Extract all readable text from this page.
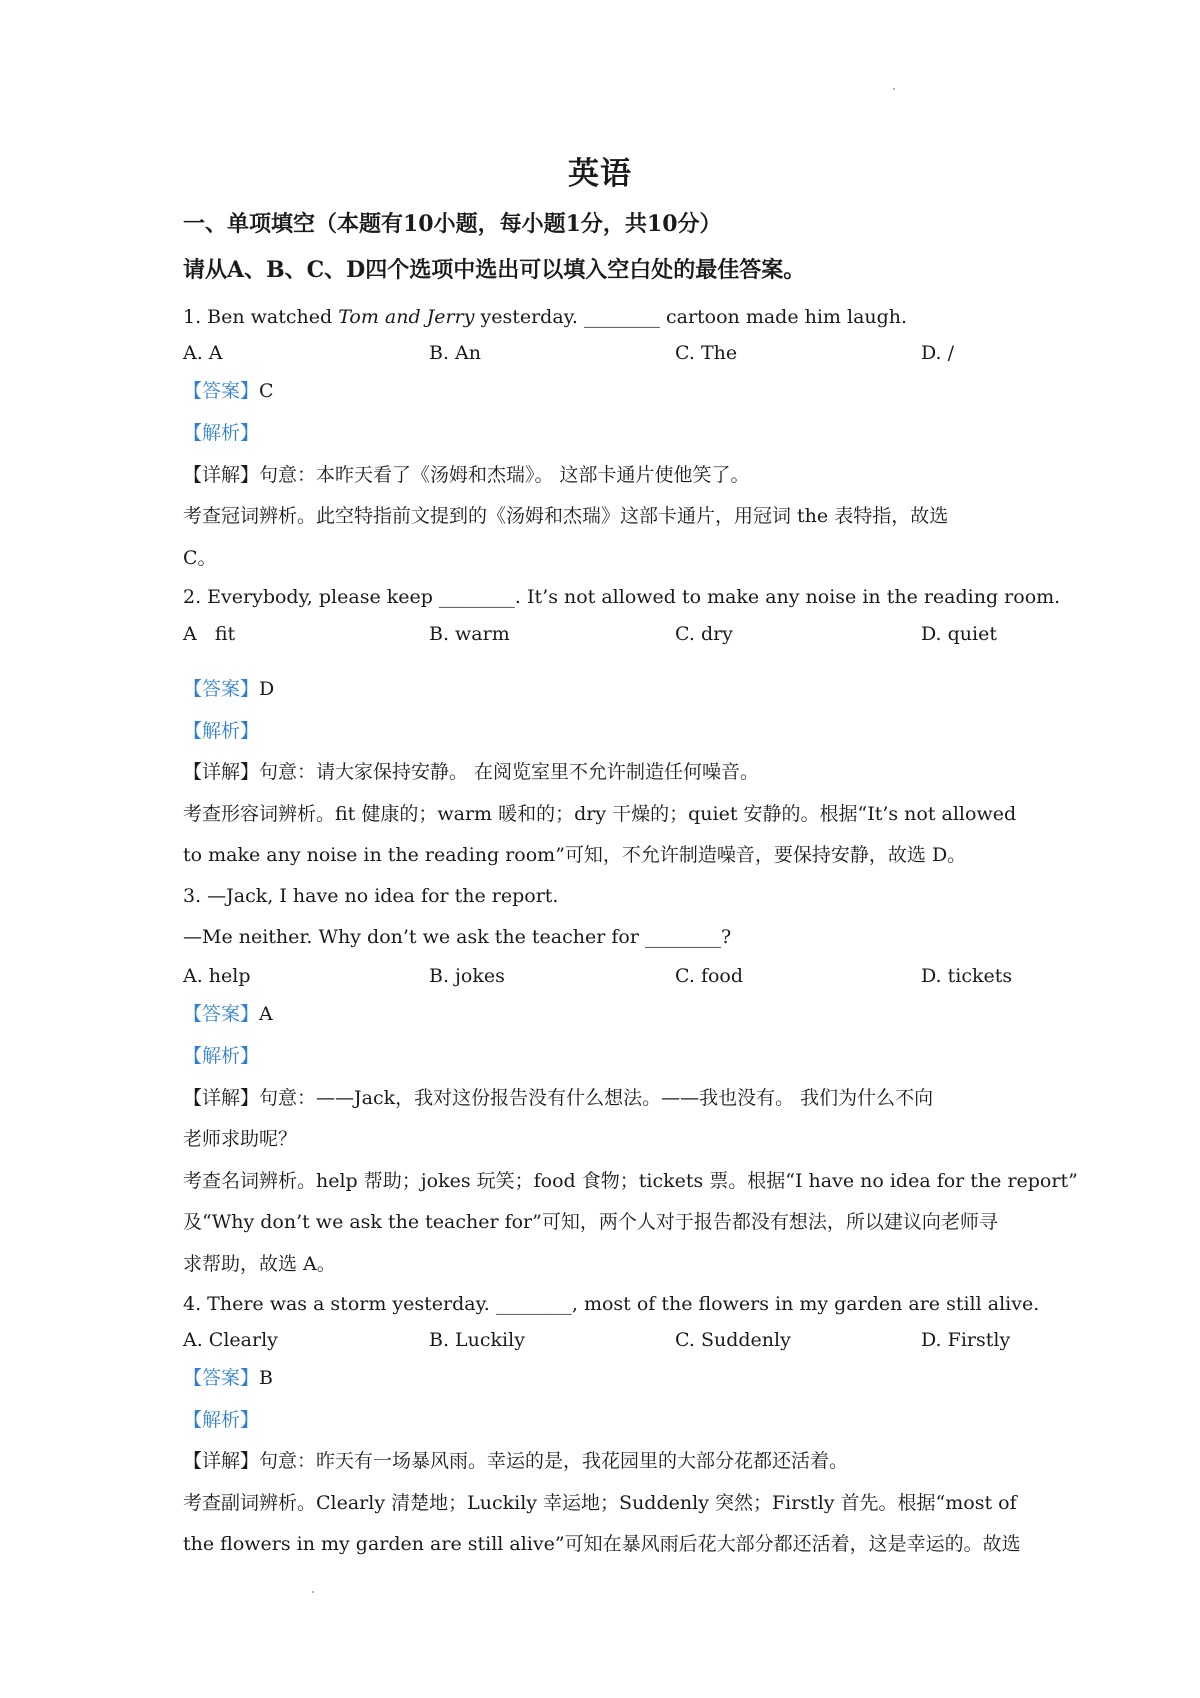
英语
一、单项填空（本题有10小题，每小题1分，共10分）
请从A、B、C、D四个选项中选出可以填入空白处的最佳答案。
1. Ben watched Tom and Jerry yesterday. ________ cartoon made him laugh.
A. A	B. An	C. The	D. /
【答案】C
【解析】
【详解】句意：本昨天看了《汤姆和杰瑞》。 这部卡通片使他笑了。
考查冠词辨析。此空特指前文提到的《汤姆和杰瑞》这部卡通片，用冠词 the 表特指，故选
C。
2. Everybody, please keep ________. It’s not allowed to make any noise in the reading room.
A   fit	B. warm	C. dry	D. quiet
【答案】D
【解析】
【详解】句意：请大家保持安静。 在阅览室里不允许制造任何噪音。
考查形容词辨析。fit 健康的；warm 暖和的；dry 干燥的；quiet 安静的。根据“It’s not allowed
to make any noise in the reading room”可知，不允许制造噪音，要保持安静，故选 D。
3. —Jack, I have no idea for the report.
—Me neither. Why don’t we ask the teacher for ________?
A. help	B. jokes	C. food	D. tickets
【答案】A
【解析】
【详解】句意：——Jack，我对这份报告没有什么想法。——我也没有。 我们为什么不向
老师求助呢？
考查名词辨析。help 帮助；jokes 玩笑；food 食物；tickets 票。根据“I have no idea for the report”
及“Why don’t we ask the teacher for”可知，两个人对于报告都没有想法，所以建议向老师寻
求帮助，故选 A。
4. There was a storm yesterday. ________, most of the flowers in my garden are still alive.
A. Clearly	B. Luckily	C. Suddenly	D. Firstly
【答案】B
【解析】
【详解】句意：昨天有一场暴风雨。幸运的是，我花园里的大部分花都还活着。
考查副词辨析。Clearly 清楚地；Luckily 幸运地；Suddenly 突然；Firstly 首先。根据“most of
the flowers in my garden are still alive”可知在暴风雨后花大部分都还活着，这是幸运的。故选
